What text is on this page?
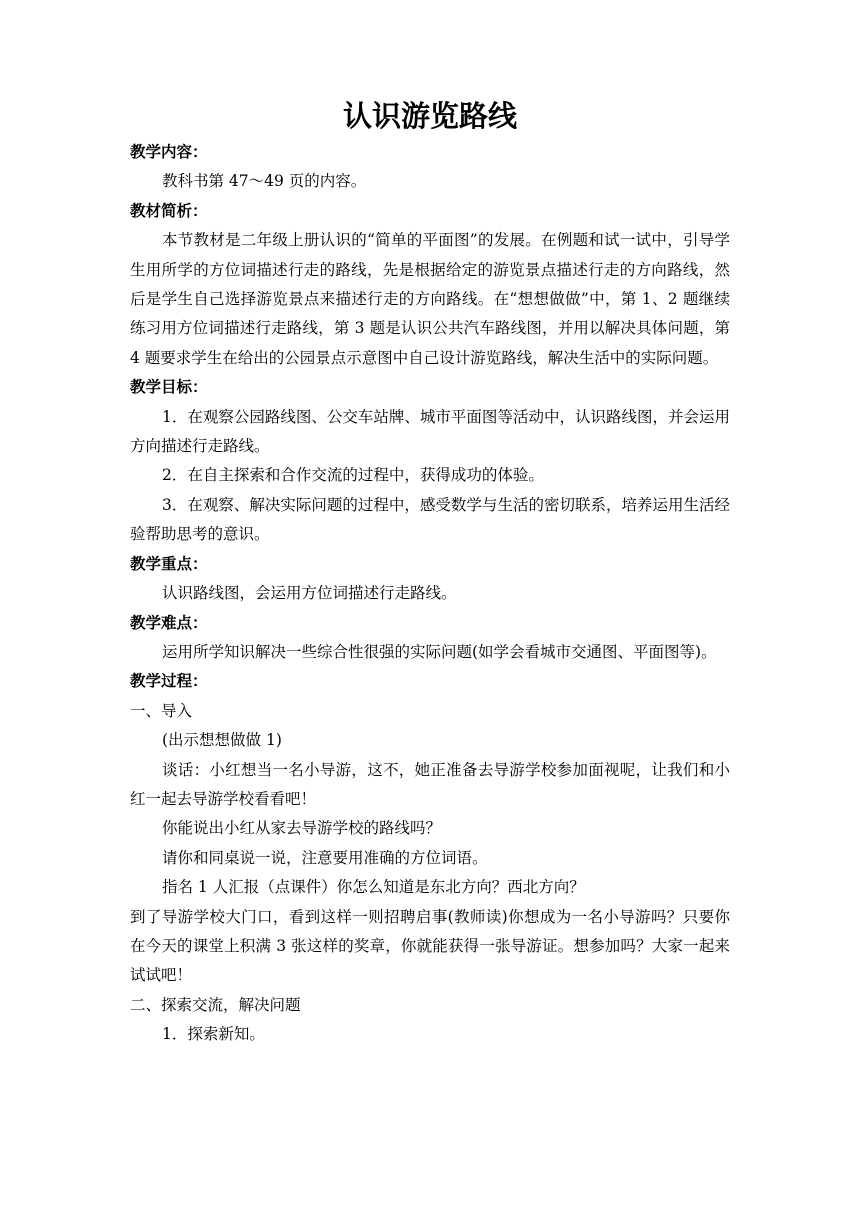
认识游览路线

教学内容：

教科书第 47～49 页的内容。

教材简析：

本节教材是二年级上册认识的“简单的平面图”的发展。在例题和试一试中，引导学生用所学的方位词描述行走的路线，先是根据给定的游览景点描述行走的方向路线，然后是学生自己选择游览景点来描述行走的方向路线。在“想想做做”中，第 1、2 题继续练习用方位词描述行走路线，第 3 题是认识公共汽车路线图，并用以解决具体问题，第 4 题要求学生在给出的公园景点示意图中自己设计游览路线，解决生活中的实际问题。

教学目标：

1．在观察公园路线图、公交车站牌、城市平面图等活动中，认识路线图，并会运用方向描述行走路线。

2．在自主探索和合作交流的过程中，获得成功的体验。

3．在观察、解决实际问题的过程中，感受数学与生活的密切联系，培养运用生活经验帮助思考的意识。

教学重点：

认识路线图，会运用方位词描述行走路线。

教学难点：

运用所学知识解决一些综合性很强的实际问题(如学会看城市交通图、平面图等)。

教学过程：

一、导入

(出示想想做做 1)

谈话：小红想当一名小导游，这不，她正准备去导游学校参加面视呢，让我们和小红一起去导游学校看看吧！

你能说出小红从家去导游学校的路线吗？

请你和同桌说一说，注意要用准确的方位词语。

指名 1 人汇报（点课件）你怎么知道是东北方向？西北方向？

到了导游学校大门口，看到这样一则招聘启事(教师读)你想成为一名小导游吗？只要你在今天的课堂上积满 3 张这样的奖章，你就能获得一张导游证。想参加吗？大家一起来试试吧！

二、探索交流，解决问题

1．探索新知。
